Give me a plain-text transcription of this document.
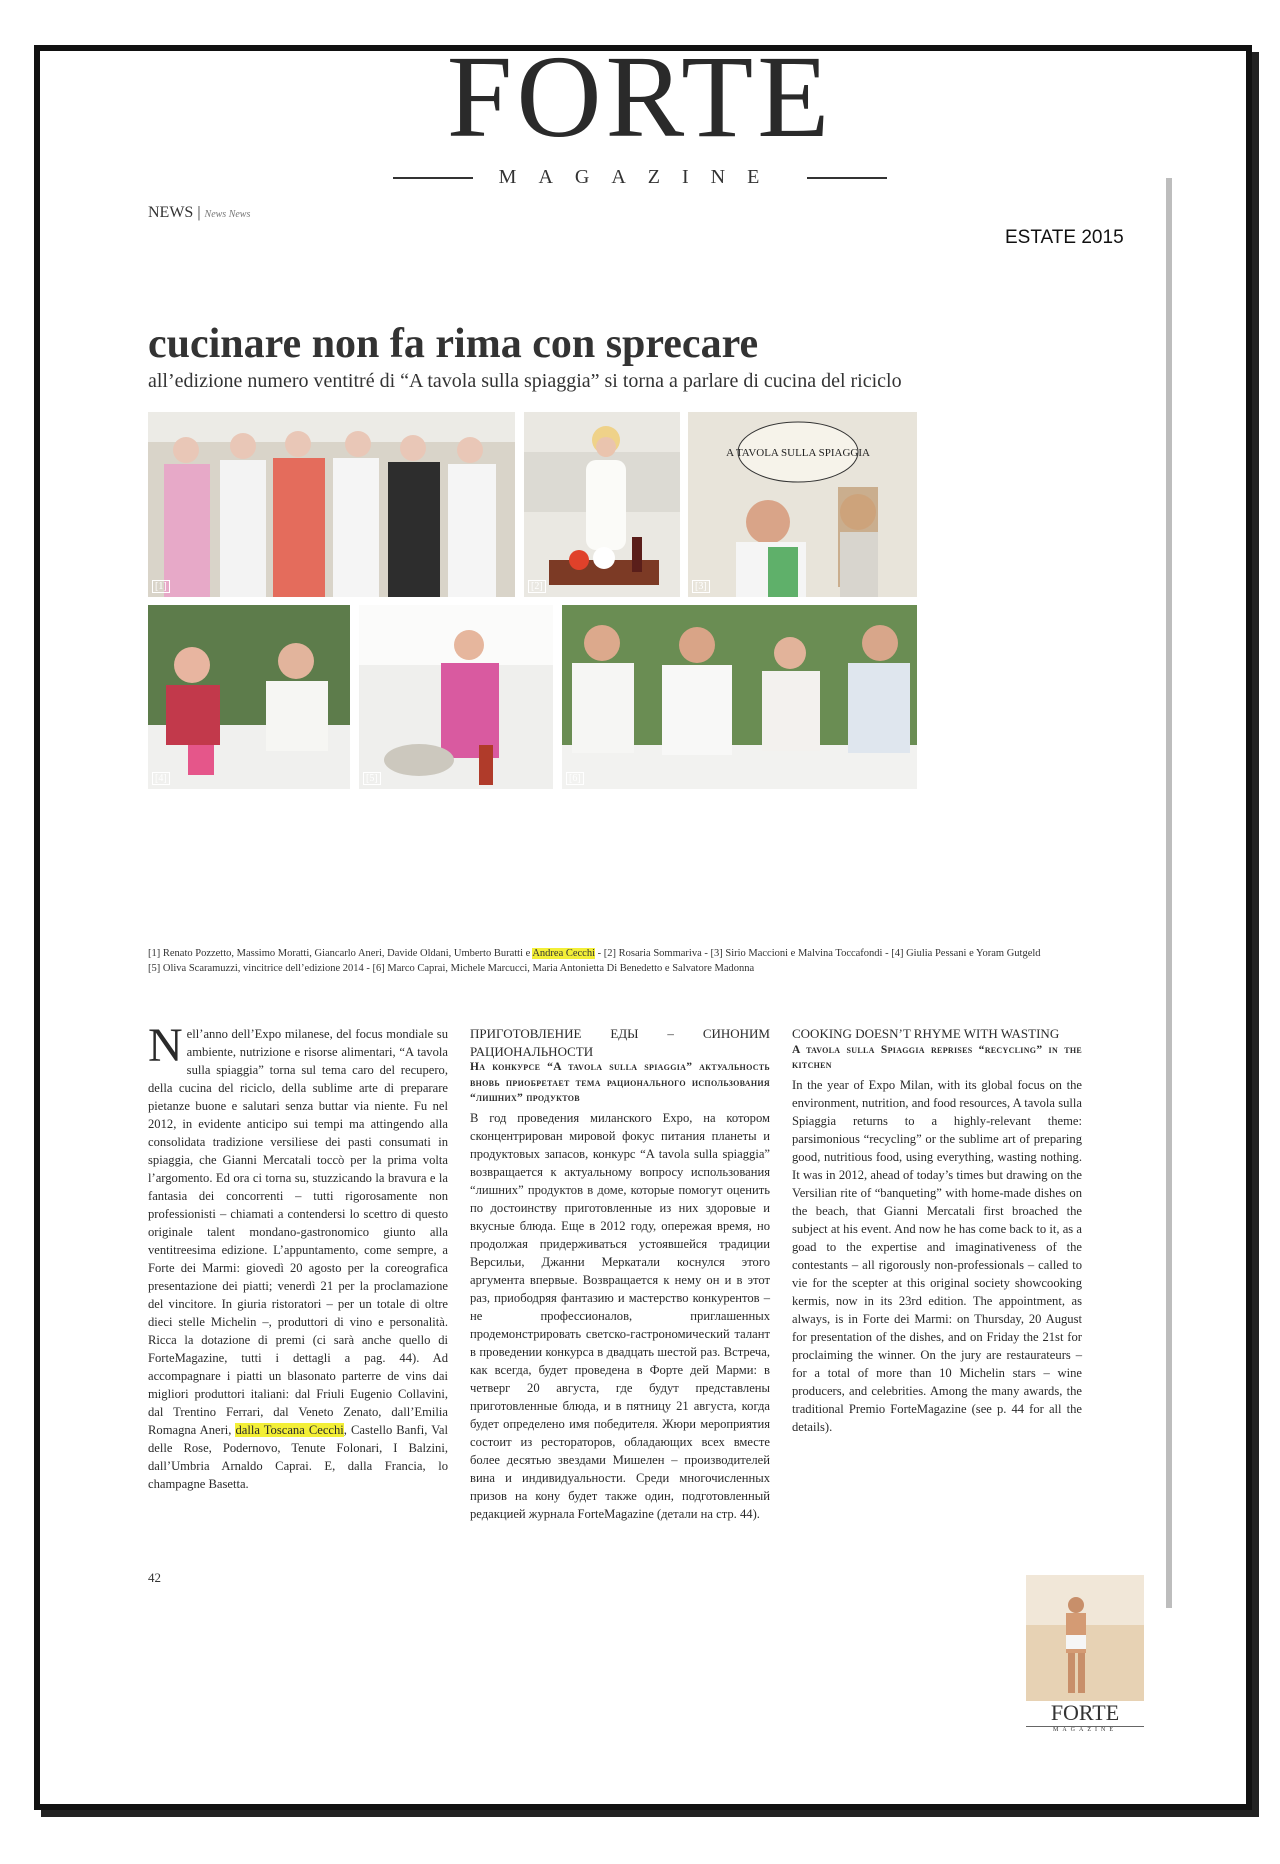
FORTE
MAGAZINE
NEWS | News News
ESTATE 2015
cucinare non fa rima con sprecare
all’edizione numero ventitré di “A tavola sulla spiaggia” si torna a parlare di cucina del riciclo
[1]	[2]
A TAVOLA SULLA SPIAGGIA
[3]
[4]	[5]	[6]
[1] Renato Pozzetto, Massimo Moratti, Giancarlo Aneri, Davide Oldani, Umberto Buratti e Andrea Cecchi - [2] Rosaria Sommariva - [3] Sirio Maccioni e Malvina Toccafondi - [4] Giulia Pessani e Yoram Gutgeld
[5] Oliva Scaramuzzi, vincitrice dell’edizione 2014 - [6] Marco Caprai, Michele Marcucci, Maria Antonietta Di Benedetto e Salvatore Madonna
Nell’anno dell’Expo milanese, del focus mondiale su ambiente, nutrizione e risorse alimentari, “A tavola sulla spiaggia” torna sul tema caro del recupero, della cucina del riciclo, della sublime arte di preparare pietanze buone e salutari senza buttar via niente. Fu nel 2012, in evidente anticipo sui tempi ma attingendo alla consolidata tradizione versiliese dei pasti consumati in spiaggia, che Gianni Mercatali toccò per la prima volta l’argomento. Ed ora ci torna su, stuzzicando la bravura e la fantasia dei concorrenti – tutti rigorosamente non professionisti – chiamati a contendersi lo scettro di questo originale talent mondano-gastronomico giunto alla ventitreesima edizione. L’appuntamento, come sempre, a Forte dei Marmi: giovedì 20 agosto per la coreografica presentazione dei piatti; venerdì 21 per la proclamazione del vincitore. In giuria ristoratori – per un totale di oltre dieci stelle Michelin –, produttori di vino e personalità. Ricca la dotazione di premi (ci sarà anche quello di ForteMagazine, tutti i dettagli a pag. 44). Ad accompagnare i piatti un blasonato parterre de vins dai migliori produttori italiani: dal Friuli Eugenio Collavini, dal Trentino Ferrari, dal Veneto Zenato, dall’Emilia Romagna Aneri, dalla Toscana Cecchi, Castello Banfi, Val delle Rose, Podernovo, Tenute Folonari, I Balzini, dall’Umbria Arnaldo Caprai. E, dalla Francia, lo champagne Basetta.
ПРИГОТОВЛЕНИЕ ЕДЫ – СИНОНИМ РАЦИОНАЛЬНОСТИ
На конкурсе “A tavola sulla spiaggia” актуальность вновь приобретает тема рационального использования “лишних” продуктов
В год проведения миланского Expo, на котором сконцентрирован мировой фокус питания планеты и продуктовых запасов, конкурс “A tavola sulla spiaggia” возвращается к актуальному вопросу использования “лишних” продуктов в доме, которые помогут оценить по достоинству приготовленные из них здоровые и вкусные блюда. Еще в 2012 году, опережая время, но продолжая придерживаться устоявшейся традиции Версильи, Джанни Меркатали коснулся этого аргумента впервые. Возвращается к нему он и в этот раз, приободряя фантазию и мастерство конкурентов – не профессионалов, приглашенных продемонстрировать светско-гастрономический талант в проведении конкурса в двадцать шестой раз. Встреча, как всегда, будет проведена в Форте дей Марми: в четверг 20 августа, где будут представлены приготовленные блюда, и в пятницу 21 августа, когда будет определено имя победителя. Жюри мероприятия состоит из рестораторов, обладающих всех вместе более десятью звездами Мишелен – производителей вина и индивидуальности. Среди многочисленных призов на кону будет также один, подготовленный редакцией журнала ForteMagazine (детали на стр. 44).
COOKING DOESN’T RHYME WITH WASTING
A tavola sulla Spiaggia reprises “recycling” in the kitchen
In the year of Expo Milan, with its global focus on the environment, nutrition, and food resources, A tavola sulla Spiaggia returns to a highly-relevant theme: parsimonious “recycling” or the sublime art of preparing good, nutritious food, using everything, wasting nothing. It was in 2012, ahead of today’s times but drawing on the Versilian rite of “banqueting” with home-made dishes on the beach, that Gianni Mercatali first broached the subject at his event. And now he has come back to it, as a goad to the expertise and imaginativeness of the contestants – all rigorously non-professionals – called to vie for the scepter at this original society showcooking kermis, now in its 23rd edition. The appointment, as always, is in Forte dei Marmi: on Thursday, 20 August for presentation of the dishes, and on Friday the 21st for proclaiming the winner. On the jury are restaurateurs – for a total of more than 10 Michelin stars – wine producers, and celebrities. Among the many awards, the traditional Premio ForteMagazine (see p. 44 for all the details).
42
FORTE
MAGAZINE
